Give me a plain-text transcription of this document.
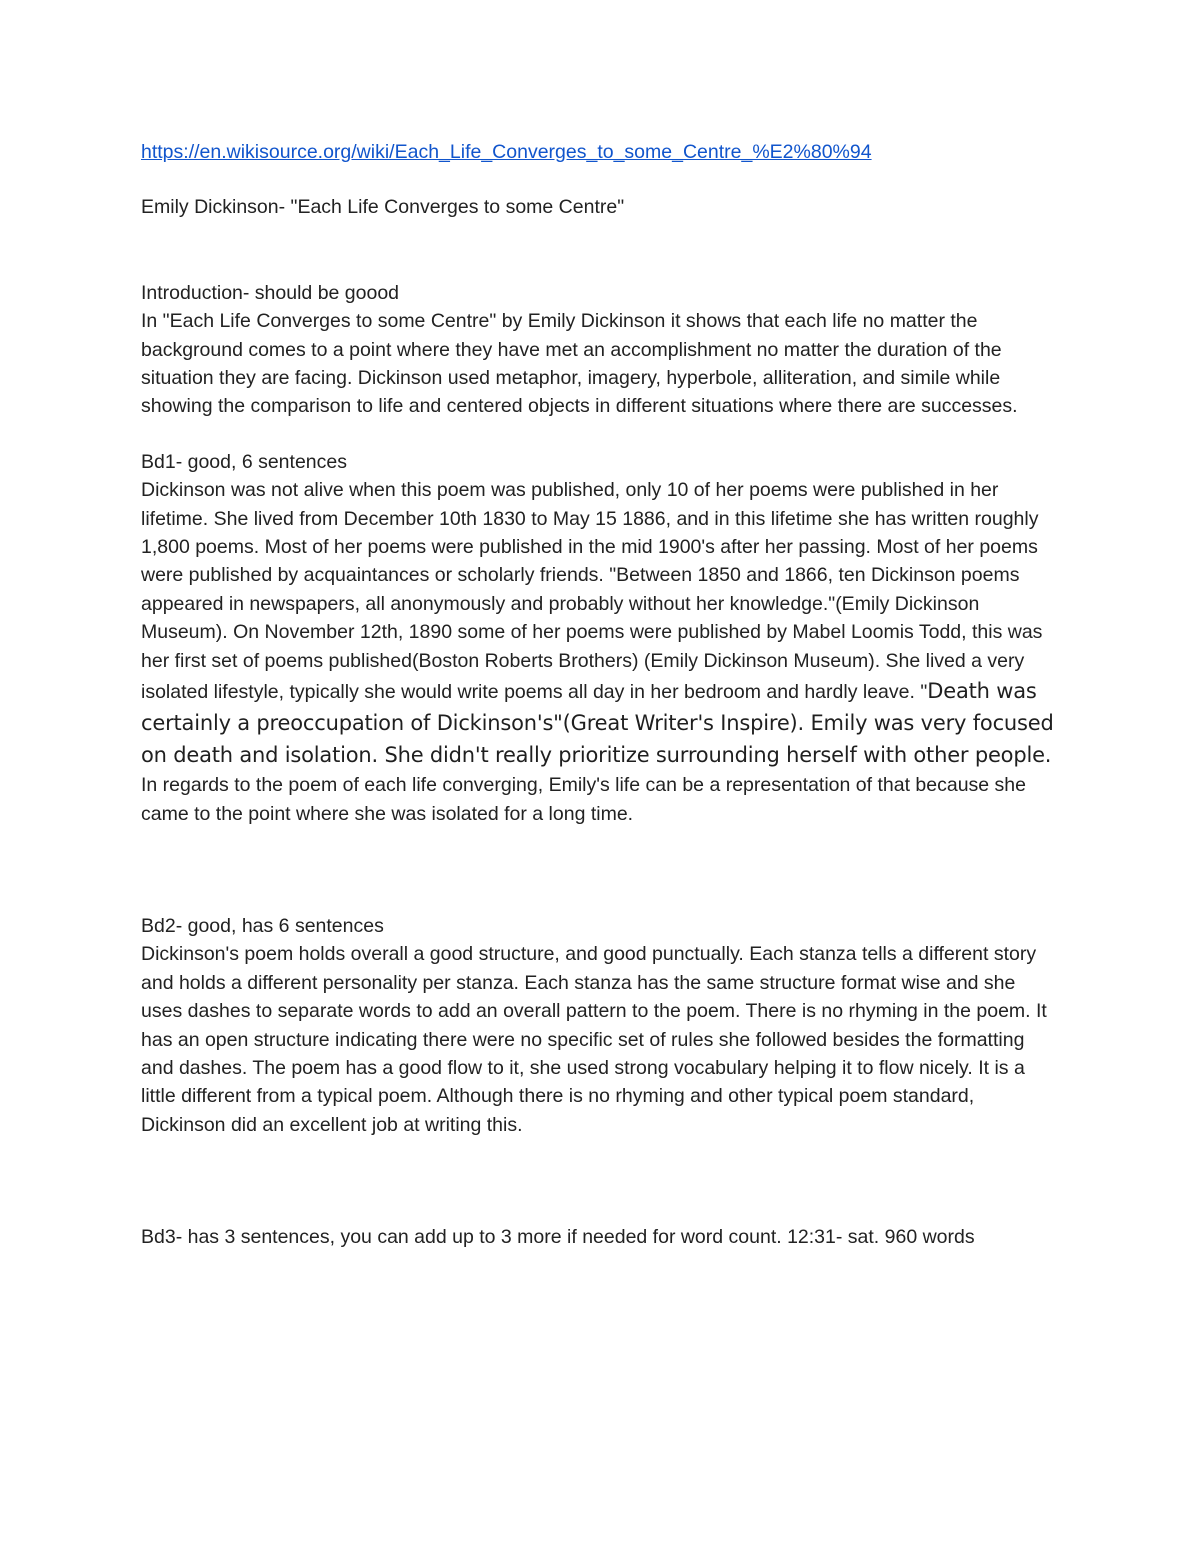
https://en.wikisource.org/wiki/Each_Life_Converges_to_some_Centre_%E2%80%94

Emily Dickinson- "Each Life Converges to some Centre"

Introduction- should be goood

In "Each Life Converges to some Centre" by Emily Dickinson it shows that each life no matter the background comes to a point where they have met an accomplishment no matter the duration of the situation they are facing. Dickinson used metaphor, imagery, hyperbole, alliteration, and simile while showing the comparison to life and centered objects in different situations where there are successes.

Bd1- good, 6 sentences

Dickinson was not alive when this poem was published, only 10 of her poems were published in her lifetime. She lived from December 10th 1830 to May 15 1886, and in this lifetime she has written roughly 1,800 poems. Most of her poems were published in the mid 1900's after her passing. Most of her poems were published by acquaintances or scholarly friends. "Between 1850 and 1866, ten Dickinson poems appeared in newspapers, all anonymously and probably without her knowledge."(Emily Dickinson Museum). On November 12th, 1890 some of her poems were published by Mabel Loomis Todd, this was her first set of poems published(Boston Roberts Brothers) (Emily Dickinson Museum). She lived a very isolated lifestyle, typically she would write poems all day in her bedroom and hardly leave. "Death was certainly a preoccupation of Dickinson's"(Great Writer's Inspire). Emily was very focused on death and isolation. She didn't really prioritize surrounding herself with other people.

In regards to the poem of each life converging, Emily's life can be a representation of that because she came to the point where she was isolated for a long time.

Bd2- good, has 6 sentences

Dickinson's poem holds overall a good structure, and good punctually. Each stanza tells a different story and holds a different personality per stanza. Each stanza has the same structure format wise and she uses dashes to separate words to add an overall pattern to the poem. There is no rhyming in the poem. It has an open structure indicating there were no specific set of rules she followed besides the formatting and dashes. The poem has a good flow to it, she used strong vocabulary helping it to flow nicely. It is a little different from a typical poem. Although there is no rhyming and other typical poem standard, Dickinson did an excellent job at writing this.

Bd3- has 3 sentences, you can add up to 3 more if needed for word count. 12:31- sat. 960 words
